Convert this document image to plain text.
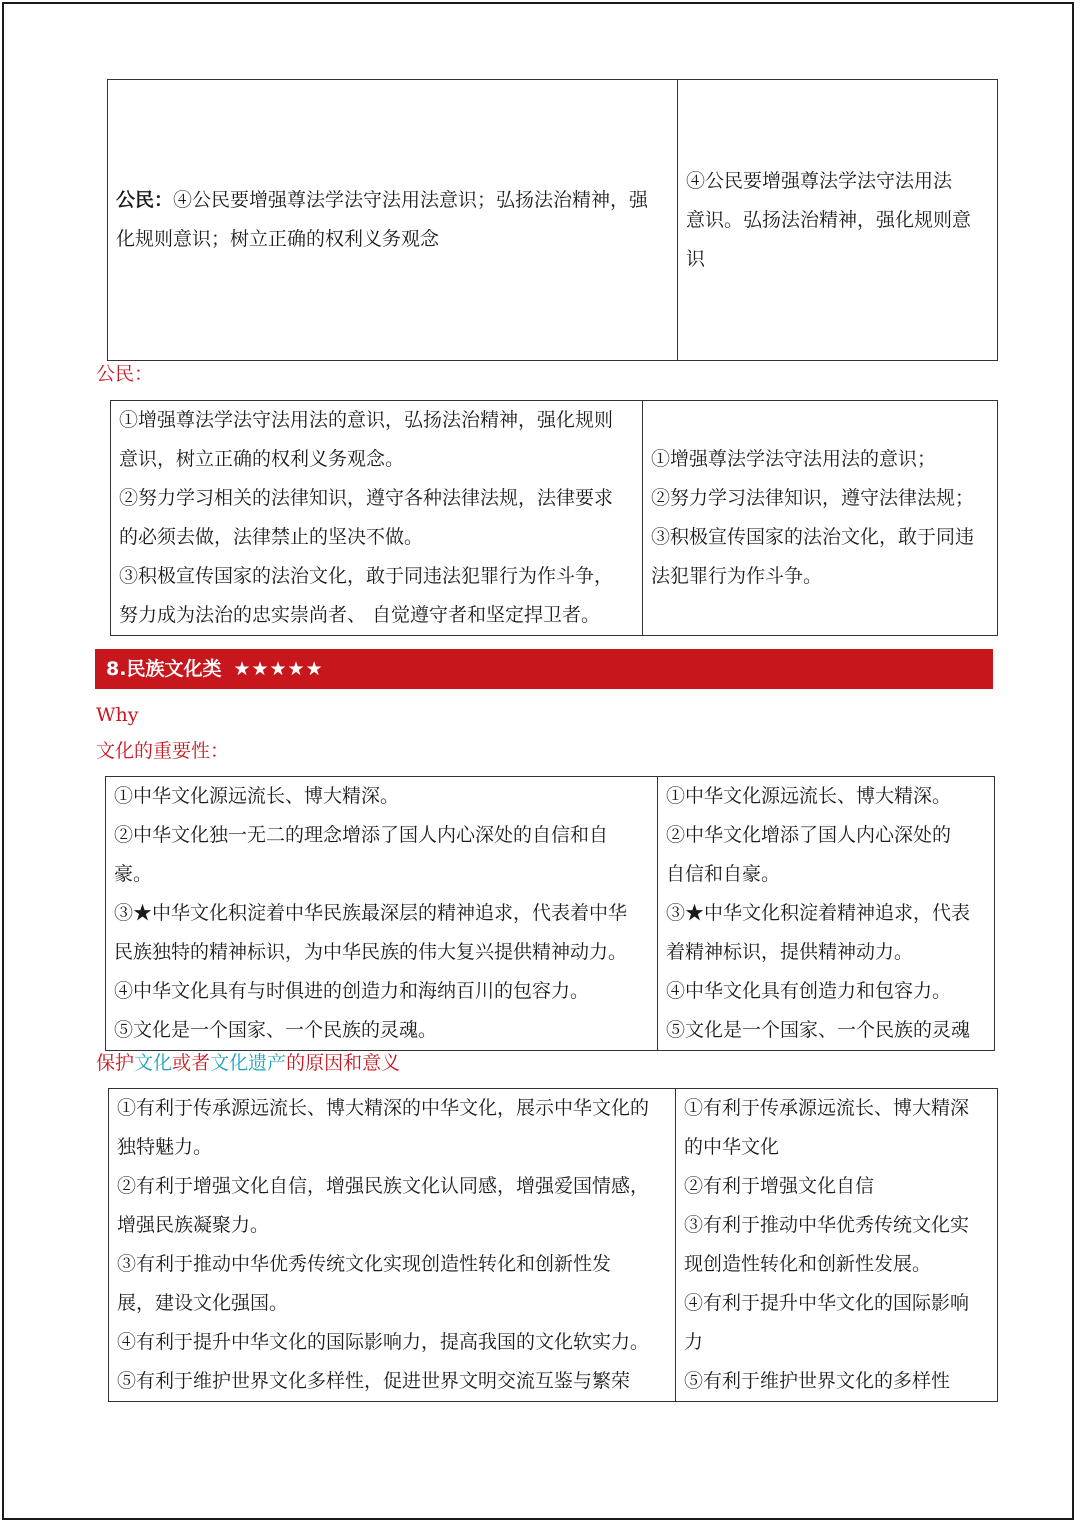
公民：④公民要增强尊法学法守法用法意识；弘扬法治精神，强
化规则意识；树立正确的权利义务观念

④公民要增强尊法学法守法用法
意识。弘扬法治精神，强化规则意
识
公民：
①增强尊法学法守法用法的意识，弘扬法治精神，强化规则
意识，树立正确的权利义务观念。
②努力学习相关的法律知识，遵守各种法律法规，法律要求
的必须去做，法律禁止的坚决不做。
③积极宣传国家的法治文化，敢于同违法犯罪行为作斗争，
努力成为法治的忠实崇尚者、 自觉遵守者和坚定捍卫者。

①增强尊法学法守法用法的意识；
②努力学习法律知识，遵守法律法规；
③积极宣传国家的法治文化，敢于同违
法犯罪行为作斗争。
8.民族文化类 ★★★★★
Why
文化的重要性：
①中华文化源远流长、博大精深。
②中华文化独一无二的理念增添了国人内心深处的自信和自
豪。
③★中华文化积淀着中华民族最深层的精神追求，代表着中华
民族独特的精神标识，为中华民族的伟大复兴提供精神动力。
④中华文化具有与时俱进的创造力和海纳百川的包容力。
⑤文化是一个国家、一个民族的灵魂。

①中华文化源远流长、博大精深。
②中华文化增添了国人内心深处的
自信和自豪。
③★中华文化积淀着精神追求，代表
着精神标识，提供精神动力。
④中华文化具有创造力和包容力。
⑤文化是一个国家、一个民族的灵魂
保护文化或者文化遗产的原因和意义
①有利于传承源远流长、博大精深的中华文化，展示中华文化的
独特魅力。
②有利于增强文化自信，增强民族文化认同感，增强爱国情感，
增强民族凝聚力。
③有利于推动中华优秀传统文化实现创造性转化和创新性发
展，建设文化强国。
④有利于提升中华文化的国际影响力，提高我国的文化软实力。
⑤有利于维护世界文化多样性，促进世界文明交流互鉴与繁荣

①有利于传承源远流长、博大精深
的中华文化
②有利于增强文化自信
③有利于推动中华优秀传统文化实
现创造性转化和创新性发展。
④有利于提升中华文化的国际影响
力
⑤有利于维护世界文化的多样性
